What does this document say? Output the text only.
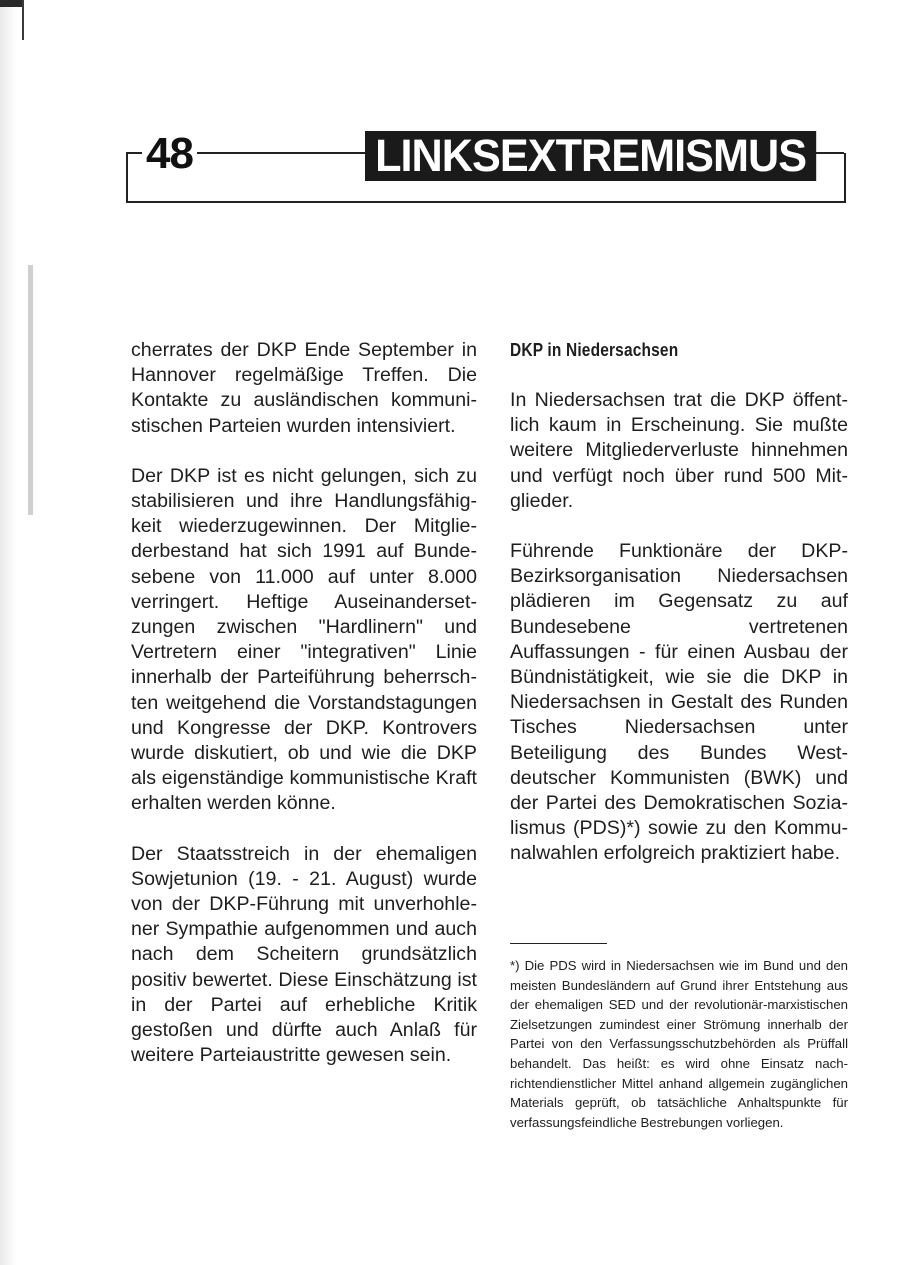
48	LINKSEXTREMISMUS

cherrates der DKP Ende September in Hannover regelmäßige Treffen. Die Kontakte zu ausländischen kommunistischen Parteien wurden intensiviert.

Der DKP ist es nicht gelungen, sich zu stabilisieren und ihre Handlungsfähigkeit wiederzugewinnen. Der Mitgliederbestand hat sich 1991 auf Bundesebene von 11.000 auf unter 8.000 verringert. Heftige Auseinandersetzungen zwischen "Hardlinern" und Vertretern einer "integrativen" Linie innerhalb der Parteiführung beherrschten weitgehend die Vorstandstagungen und Kongresse der DKP. Kontrovers wurde diskutiert, ob und wie die DKP als eigenständige kommunistische Kraft erhalten werden könne.

Der Staatsstreich in der ehemaligen Sowjetunion (19. - 21. August) wurde von der DKP-Führung mit unverhohlener Sympathie aufgenommen und auch nach dem Scheitern grundsätzlich positiv bewertet. Diese Einschätzung ist in der Partei auf erhebliche Kritik gestoßen und dürfte auch Anlaß für weitere Parteiaustritte gewesen sein.

DKP in Niedersachsen

In Niedersachsen trat die DKP öffentlich kaum in Erscheinung. Sie mußte weitere Mitgliederverluste hinnehmen und verfügt noch über rund 500 Mitglieder.

Führende Funktionäre der DKP-Bezirksorganisation Niedersachsen plädieren im Gegensatz zu auf Bundesebene vertretenen Auffassungen - für einen Ausbau der Bündnistätigkeit, wie sie die DKP in Niedersachsen in Gestalt des Runden Tisches Niedersachsen unter Beteiligung des Bundes Westdeutscher Kommunisten (BWK) und der Partei des Demokratischen Sozialismus (PDS)*) sowie zu den Kommunalwahlen erfolgreich praktiziert habe.

*) Die PDS wird in Niedersachsen wie im Bund und den meisten Bundesländern auf Grund ihrer Entstehung aus der ehemaligen SED und der revolutionär-marxistischen Zielsetzungen zumindest einer Strömung innerhalb der Partei von den Verfassungsschutzbehörden als Prüffall behandelt. Das heißt: es wird ohne Einsatz nachrichtendienstlicher Mittel anhand allgemein zugänglichen Materials geprüft, ob tatsächliche Anhaltspunkte für verfassungsfeindliche Bestrebungen vorliegen.
